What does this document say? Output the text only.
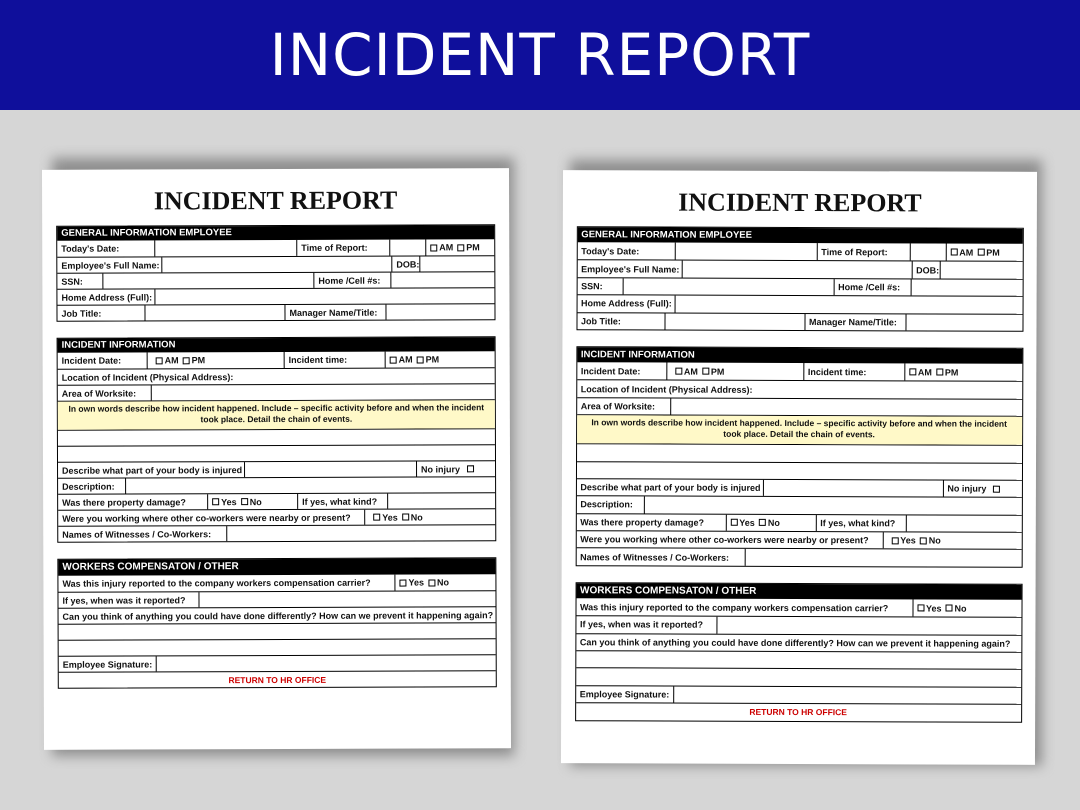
INCIDENT REPORT
INCIDENT REPORT
GENERAL INFORMATION EMPLOYEE
Today's Date:	Time of Report:	AM PM
Employee's Full Name:	DOB:
SSN:	Home /Cell #s:
Home Address (Full):
Job Title:	Manager Name/Title:
INCIDENT INFORMATION
Incident Date:	AM PM	Incident time:	AM PM
Location of Incident (Physical Address):
Area of Worksite:
In own words describe how incident happened. Include – specific activity before and when the incident took place. Detail the chain of events.
Describe what part of your body is injured	No injury

Description:
Was there property damage?	Yes No	If yes, what kind?
Were you working where other co-workers were nearby or present?	Yes No
Names of Witnesses / Co-Workers:
WORKERS COMPENSATON / OTHER
Was this injury reported to the company workers compensation carrier?	Yes No
If yes, when was it reported?
Can you think of anything you could have done differently? How can we prevent it happening again?
Employee Signature:
RETURN TO HR OFFICE
INCIDENT REPORT
GENERAL INFORMATION EMPLOYEE
Today's Date:	Time of Report:	AM PM
Employee's Full Name:	DOB:
SSN:	Home /Cell #s:
Home Address (Full):
Job Title:	Manager Name/Title:
INCIDENT INFORMATION
Incident Date:	AM PM	Incident time:	AM PM
Location of Incident (Physical Address):
Area of Worksite:
In own words describe how incident happened. Include – specific activity before and when the incident took place. Detail the chain of events.
Describe what part of your body is injured	No injury

Description:
Was there property damage?	Yes No	If yes, what kind?
Were you working where other co-workers were nearby or present?	Yes No
Names of Witnesses / Co-Workers:
WORKERS COMPENSATON / OTHER
Was this injury reported to the company workers compensation carrier?	Yes No
If yes, when was it reported?
Can you think of anything you could have done differently? How can we prevent it happening again?
Employee Signature:
RETURN TO HR OFFICE
